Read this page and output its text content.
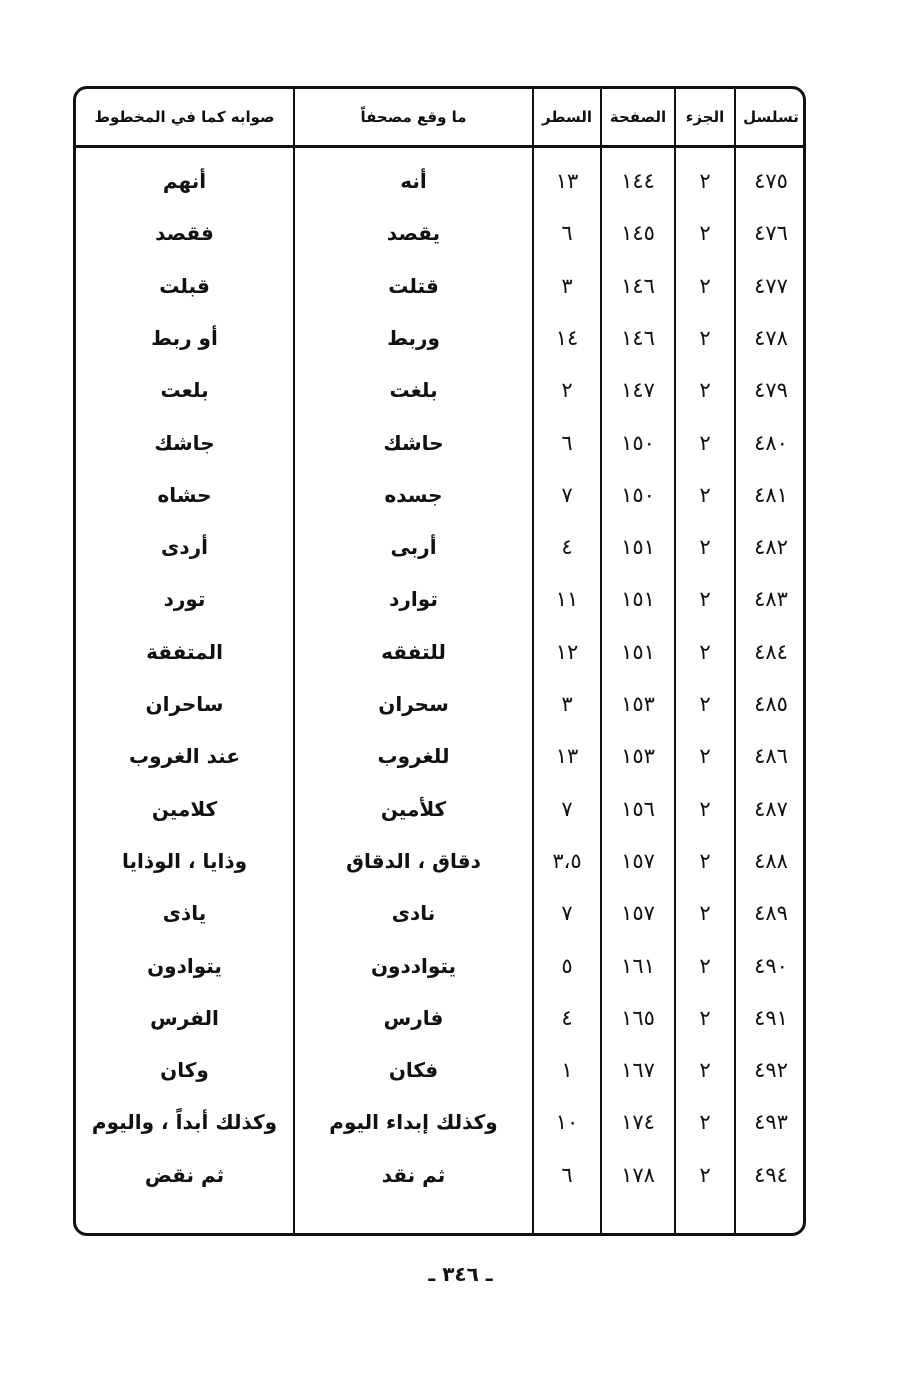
تسلسل
الجزء
الصفحة
السطر
ما وقع مصحفاً
صوابه كما في المخطوط
٤٧٥
٢
١٤٤
١٣
أنه
أنهم
٤٧٦
٢
١٤٥
٦
يقصد
فقصد
٤٧٧
٢
١٤٦
٣
قتلت
قبلت
٤٧٨
٢
١٤٦
١٤
وربط
أو ربط
٤٧٩
٢
١٤٧
٢
بلغت
بلعت
٤٨٠
٢
١٥٠
٦
حاشك
جاشك
٤٨١
٢
١٥٠
٧
جسده
حشاه
٤٨٢
٢
١٥١
٤
أربى
أردى
٤٨٣
٢
١٥١
١١
توارد
تورد
٤٨٤
٢
١٥١
١٢
للتفقه
المتفقة
٤٨٥
٢
١٥٣
٣
سحران
ساحران
٤٨٦
٢
١٥٣
١٣
للغروب
عند الغروب
٤٨٧
٢
١٥٦
٧
كلأمين
كلامين
٤٨٨
٢
١٥٧
٣،٥
دقاق ، الدقاق
وذايا ، الوذايا
٤٨٩
٢
١٥٧
٧
نادى
ياذى
٤٩٠
٢
١٦١
٥
يتواددون
يتوادون
٤٩١
٢
١٦٥
٤
فارس
الفرس
٤٩٢
٢
١٦٧
١
فكان
وكان
٤٩٣
٢
١٧٤
١٠
وكذلك إبداء اليوم
وكذلك أبداً ، واليوم
٤٩٤
٢
١٧٨
٦
ثم نقد
ثم نقض
ـ ٣٤٦ ـ
